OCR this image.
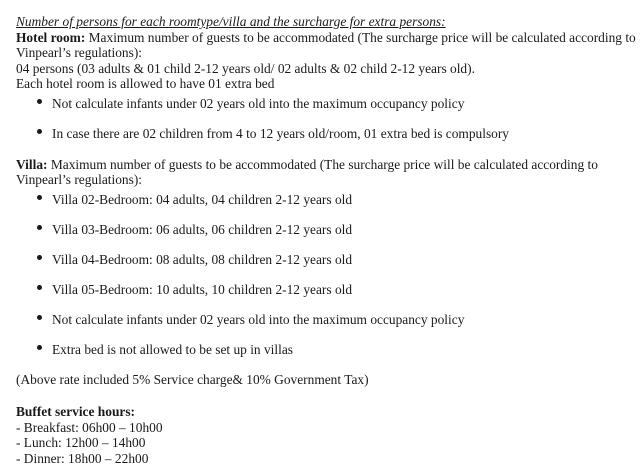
Number of persons for each roomtype/villa and the surcharge for extra persons:

Hotel room: Maximum number of guests to be accommodated (The surcharge price will be calculated according to Vinpearl’s regulations):

04 persons (03 adults & 01 child 2-12 years old/ 02 adults & 02 child 2-12 years old).

Each hotel room is allowed to have 01 extra bed

Not calculate infants under 02 years old into the maximum occupancy policy
In case there are 02 children from 4 to 12 years old/room, 01 extra bed is compulsory

Villa: Maximum number of guests to be accommodated (The surcharge price will be calculated according to Vinpearl’s regulations):

Villa 02-Bedroom: 04 adults, 04 children 2-12 years old
Villa 03-Bedroom: 06 adults, 06 children 2-12 years old
Villa 04-Bedroom: 08 adults, 08 children 2-12 years old
Villa 05-Bedroom: 10 adults, 10 children 2-12 years old
Not calculate infants under 02 years old into the maximum occupancy policy
Extra bed is not allowed to be set up in villas

(Above rate included 5% Service charge& 10% Government Tax)

Buffet service hours:
- Breakfast: 06h00 – 10h00
- Lunch: 12h00 – 14h00
- Dinner: 18h00 – 22h00
